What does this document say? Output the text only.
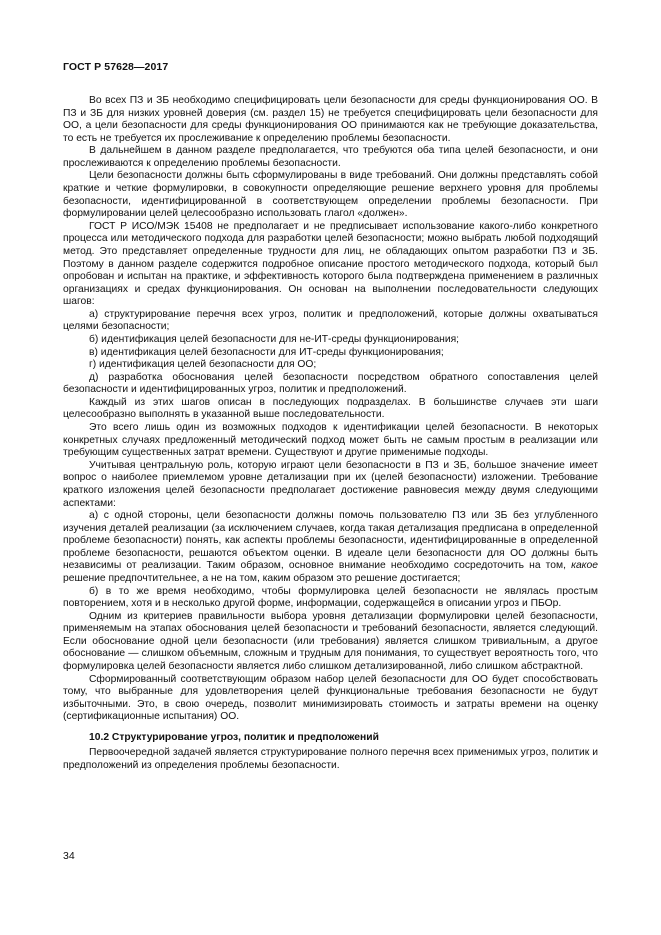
ГОСТ Р 57628—2017

Во всех ПЗ и ЗБ необходимо специфицировать цели безопасности для среды функционирования ОО. В ПЗ и ЗБ для низких уровней доверия (см. раздел 15) не требуется специфицировать цели безопасности для ОО, а цели безопасности для среды функционирования ОО принимаются как не требующие доказательства, то есть не требуется их прослеживание к определению проблемы безопасности.

В дальнейшем в данном разделе предполагается, что требуются оба типа целей безопасности, и они прослеживаются к определению проблемы безопасности.

Цели безопасности должны быть сформулированы в виде требований. Они должны представлять собой краткие и четкие формулировки, в совокупности определяющие решение верхнего уровня для проблемы безопасности, идентифицированной в соответствующем определении проблемы безопасности. При формулировании целей целесообразно использовать глагол «должен».

ГОСТ Р ИСО/МЭК 15408 не предполагает и не предписывает использование какого-либо конкретного процесса или методического подхода для разработки целей безопасности; можно выбрать любой подходящий метод. Это представляет определенные трудности для лиц, не обладающих опытом разработки ПЗ и ЗБ. Поэтому в данном разделе содержится подробное описание простого методического подхода, который был опробован и испытан на практике, и эффективность которого была подтверждена применением в различных организациях и средах функционирования. Он основан на выполнении последовательности следующих шагов:

а) структурирование перечня всех угроз, политик и предположений, которые должны охватываться целями безопасности;

б) идентификация целей безопасности для не-ИТ-среды функционирования;

в) идентификация целей безопасности для ИТ-среды функционирования;

г) идентификация целей безопасности для ОО;

д) разработка обоснования целей безопасности посредством обратного сопоставления целей безопасности и идентифицированных угроз, политик и предположений.

Каждый из этих шагов описан в последующих подразделах. В большинстве случаев эти шаги целесообразно выполнять в указанной выше последовательности.

Это всего лишь один из возможных подходов к идентификации целей безопасности. В некоторых конкретных случаях предложенный методический подход может быть не самым простым в реализации или требующим существенных затрат времени. Существуют и другие применимые подходы.

Учитывая центральную роль, которую играют цели безопасности в ПЗ и ЗБ, большое значение имеет вопрос о наиболее приемлемом уровне детализации при их (целей безопасности) изложении. Требование краткого изложения целей безопасности предполагает достижение равновесия между двумя следующими аспектами:

а) с одной стороны, цели безопасности должны помочь пользователю ПЗ или ЗБ без углубленного изучения деталей реализации (за исключением случаев, когда такая детализация предписана в определенной проблеме безопасности) понять, как аспекты проблемы безопасности, идентифицированные в определенной проблеме безопасности, решаются объектом оценки. В идеале цели безопасности для ОО должны быть независимы от реализации. Таким образом, основное внимание необходимо сосредоточить на том, какое решение предпочтительнее, а не на том, каким образом это решение достигается;

б) в то же время необходимо, чтобы формулировка целей безопасности не являлась простым повторением, хотя и в несколько другой форме, информации, содержащейся в описании угроз и ПБОр.

Одним из критериев правильности выбора уровня детализации формулировки целей безопасности, применяемым на этапах обоснования целей безопасности и требований безопасности, является следующий. Если обоснование одной цели безопасности (или требования) является слишком тривиальным, а другое обоснование — слишком объемным, сложным и трудным для понимания, то существует вероятность того, что формулировка целей безопасности является либо слишком детализированной, либо слишком абстрактной.

Сформированный соответствующим образом набор целей безопасности для ОО будет способствовать тому, что выбранные для удовлетворения целей функциональные требования безопасности не будут избыточными. Это, в свою очередь, позволит минимизировать стоимость и затраты времени на оценку (сертификационные испытания) ОО.

10.2 Структурирование угроз, политик и предположений

Первоочередной задачей является структурирование полного перечня всех применимых угроз, политик и предположений из определения проблемы безопасности.

34
